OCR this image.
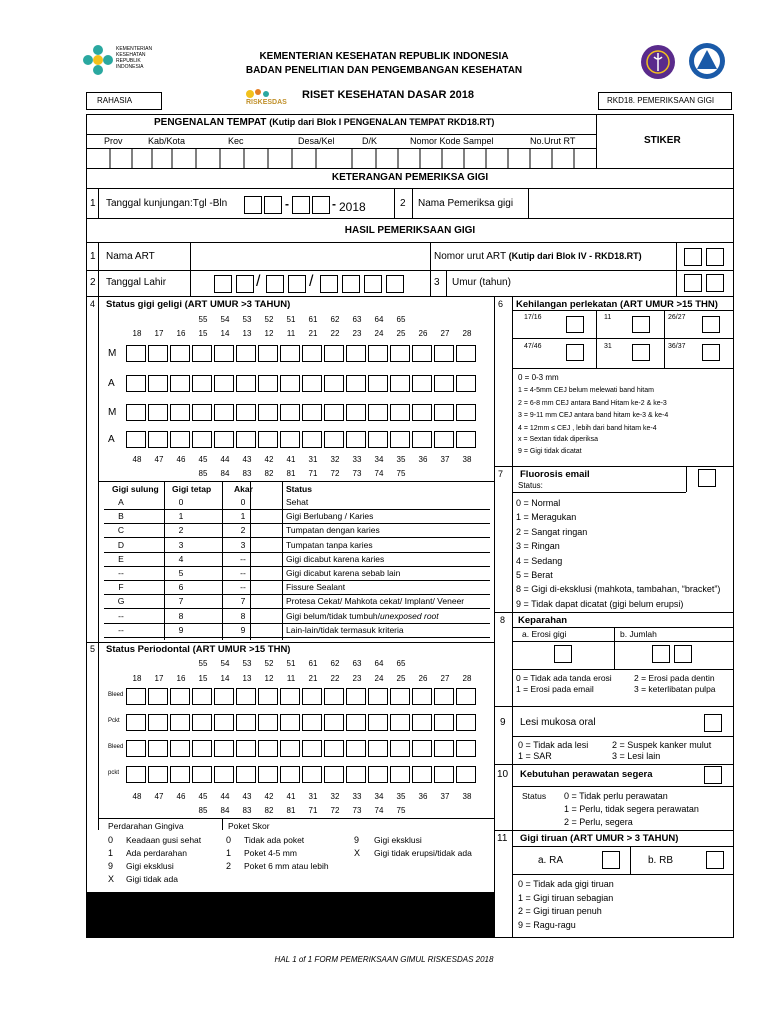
KEMENTERIAN
KESEHATAN
REPUBLIK
INDONESIA
KEMENTERIAN KESEHATAN REPUBLIK INDONESIA
BADAN PENELITIAN DAN PENGEMBANGAN KESEHATAN
RAHASIA	RISKESDAS
RISET KESEHATAN DASAR 2018	RKD18. PEMERIKSAAN GIGI
PENGENALAN TEMPAT (Kutip dari Blok I PENGENALAN TEMPAT RKD18.RT)
Prov	Kab/Kota	Kec	Desa/Kel	D/K	Nomor Kode Sampel	No.Urut RT	STIKER
KETERANGAN PEMERIKSA GIGI
1 Tanggal kunjungan:Tgl -Bln	-	- 2018	2 Nama Pemeriksa gigi
HASIL PEMERIKSAAN GIGI
1 Nama ART	Nomor urut ART (Kutip dari Blok IV - RKD18.RT)
2 Tanggal Lahir	/	/	3 Umur (tahun)
4 Status gigi geligi (ART UMUR >3 TAHUN)
55	54	53	52	51	61	62	63	64	65
18	17	16	15	14	13	12	11	21	22	23	24	25	26	27	28
M
A
M
A
48	47	46	45	44	43	42	41	31	32	33	34	35	36	37	38
85	84	83	82	81	71	72	73	74	75
Gigi sulung Gigi tetap	Akar	Status
A	0	0	Sehat
B	1	1	Gigi Berlubang / Karies
C	2	2	Tumpatan dengan karies
D	3	3	Tumpatan tanpa karies
E	4	--	Gigi dicabut karena karies
--	5	--	Gigi dicabut karena sebab lain
F	6	--	Fissure Sealant
G	7	7	Protesa Cekat/ Mahkota cekat/ Implant/ Veneer
--	8	8	Gigi belum/tidak tumbuh/unexposed root
--	9	9	Lain-lain/tidak termasuk kriteria
6 Kehilangan perlekatan (ART UMUR >15 THN)
17/16	11	26/27
47/46	31	36/37
0 = 0-3 mm
1 = 4-5mm CEJ belum melewati band hitam
2 = 6-8 mm CEJ antara Band Hitam ke-2 & ke-3
3 = 9-11 mm CEJ antara band hitam ke-3 & ke-4
4 = 12mm ≤ CEJ , lebih dari band hitam ke-4
x = Sextan tidak diperiksa
9 = Gigi tidak dicatat
7 Fluorosis email
Status:
0 = Normal
1 = Meragukan
2 = Sangat ringan
3 = Ringan
4 = Sedang
5 = Berat
8 = Gigi di-eksklusi (mahkota, tambahan, “bracket”)
9 = Tidak dapat dicatat (gigi belum erupsi)
8 Keparahan
a. Erosi gigi	b. Jumlah
0 = Tidak ada tanda erosi
1 = Erosi pada email
2 = Erosi pada dentin
3 = keterlibatan pulpa
5 Status Periodontal (ART UMUR >15 THN)
55	54	53	52	51	61	62	63	64	65
18	17	16	15	14	13	12	11	21	22	23	24	25	26	27	28
Bleed
Pckt
Bleed
pckt
48	47	46	45	44	43	42	41	31	32	33	34	35	36	37	38
85	84	83	82	81	71	72	73	74	75
Perdarahan Gingiva	Poket Skor
0 Keadaan gusi sehat
1 Ada perdarahan
9 Gigi eksklusi
X Gigi tidak ada
0 Tidak ada poket
1 Poket 4-5 mm
2 Poket 6 mm atau lebih
9 Gigi eksklusi
X Gigi tidak erupsi/tidak ada
9 Lesi mukosa oral
0 = Tidak ada lesi
1 = SAR
2 = Suspek kanker mulut
3 = Lesi lain
10 Kebutuhan perawatan segera
Status 0 = Tidak perlu perawatan
1 = Perlu, tidak segera perawatan
2 = Perlu, segera
11 Gigi tiruan (ART UMUR > 3 TAHUN)
a. RA	b. RB
0 = Tidak ada gigi tiruan
1 = Gigi tiruan sebagian
2 = Gigi tiruan penuh
9 = Ragu-ragu
HAL 1 of 1 FORM PEMERIKSAAN GIMUL RISKESDAS 2018
